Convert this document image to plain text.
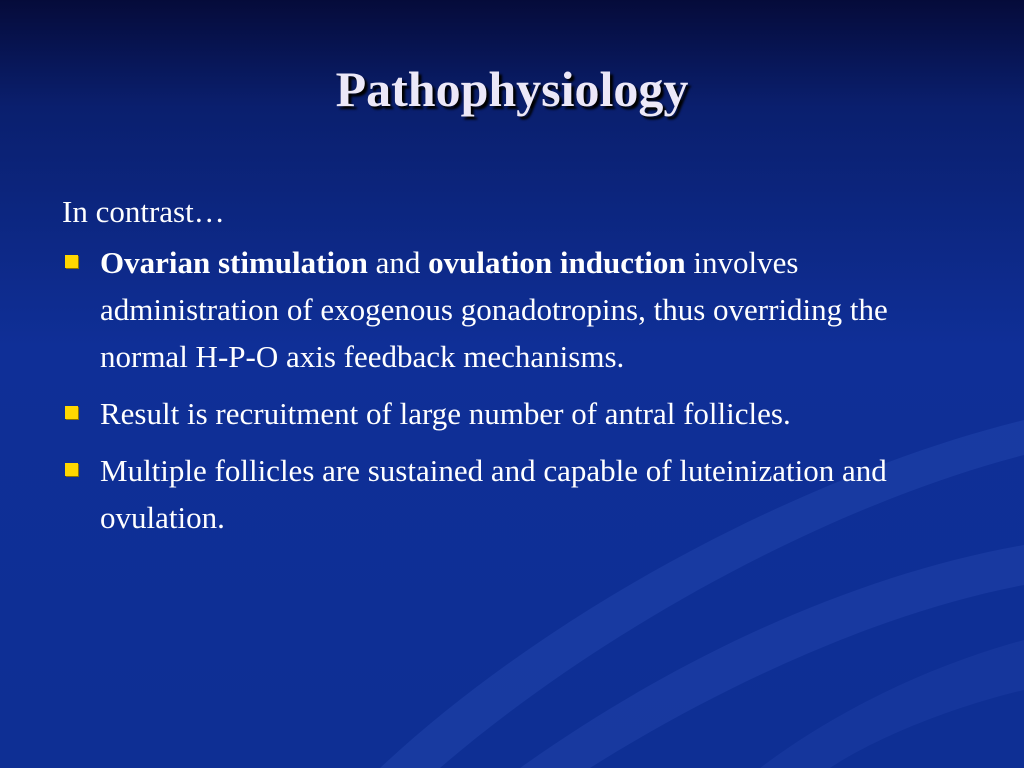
Pathophysiology

In contrast…

Ovarian stimulation and ovulation induction involves administration of exogenous gonadotropins, thus overriding the normal H-P-O axis feedback mechanisms.
Result is recruitment of large number of antral follicles.
Multiple follicles are sustained and capable of luteinization and ovulation.
